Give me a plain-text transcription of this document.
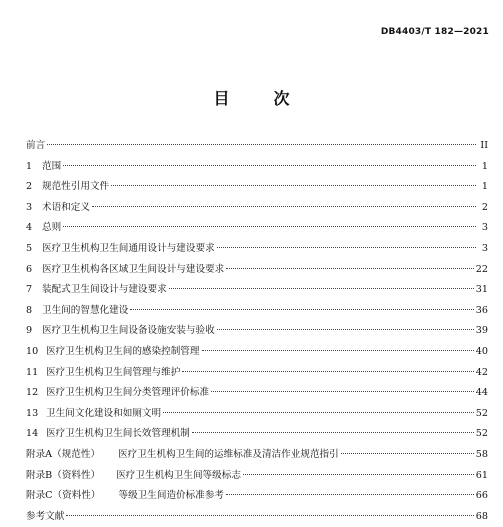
DB4403/T 182—2021
目	次
前言	II
1	范围	1
2	规范性引用文件	1
3	术语和定义	2
4	总则	3
5	医疗卫生机构卫生间通用设计与建设要求	3
6	医疗卫生机构各区域卫生间设计与建设要求	22
7	装配式卫生间设计与建设要求	31
8	卫生间的智慧化建设	36
9	医疗卫生机构卫生间设备设施安装与验收	39
10 医疗卫生机构卫生间的感染控制管理	40
11 医疗卫生机构卫生间管理与维护	42
12 医疗卫生机构卫生间分类管理评价标准	44
13 卫生间文化建设和如厕文明	52
14 医疗卫生机构卫生间长效管理机制	52
附录A（规范性） 医疗卫生机构卫生间的运维标准及清洁作业规范指引	58
附录B（资料性） 医疗卫生机构卫生间等级标志	61
附录C（资料性） 等级卫生间造价标准参考	66
参考文献	68
